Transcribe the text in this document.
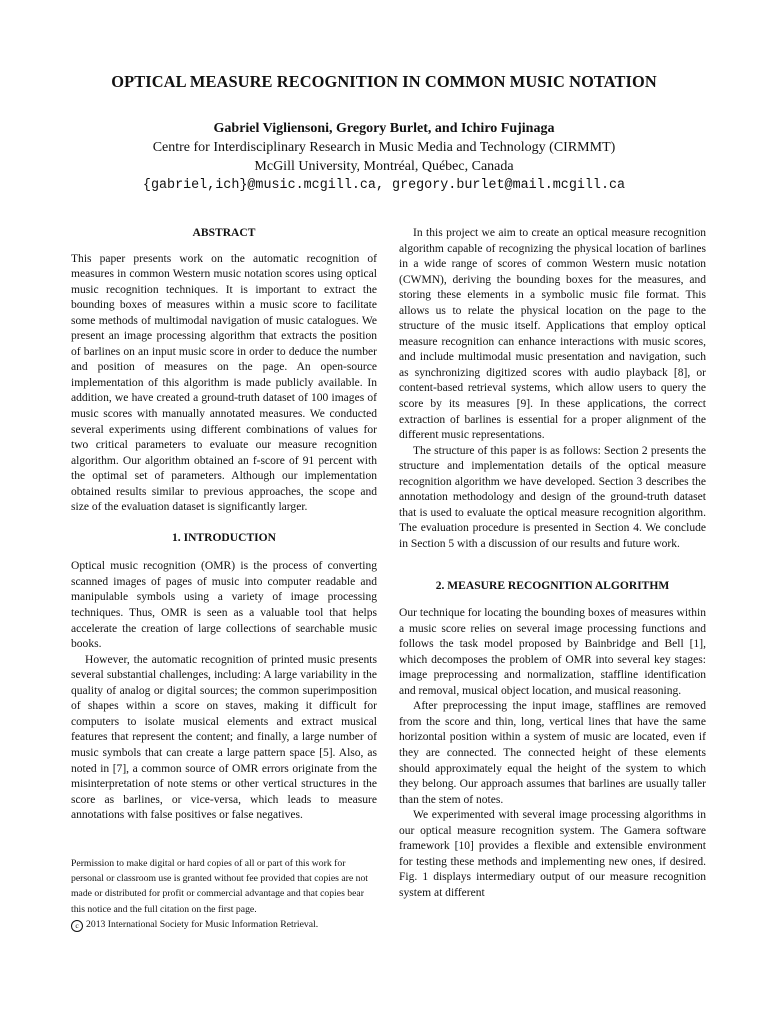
OPTICAL MEASURE RECOGNITION IN COMMON MUSIC NOTATION
Gabriel Vigliensoni, Gregory Burlet, and Ichiro Fujinaga
Centre for Interdisciplinary Research in Music Media and Technology (CIRMMT)
McGill University, Montréal, Québec, Canada
{gabriel,ich}@music.mcgill.ca, gregory.burlet@mail.mcgill.ca
ABSTRACT

This paper presents work on the automatic recognition of measures in common Western music notation scores using optical music recognition techniques. It is important to extract the bounding boxes of measures within a music score to facilitate some methods of multimodal navigation of music catalogues. We present an image processing algorithm that extracts the position of barlines on an input music score in order to deduce the number and position of measures on the page. An open-source implementation of this algorithm is made publicly available. In addition, we have created a ground-truth dataset of 100 images of music scores with manually annotated measures. We conducted several experiments using different combinations of values for two critical parameters to evaluate our measure recognition algorithm. Our algorithm obtained an f-score of 91 percent with the optimal set of parameters. Although our implementation obtained results similar to previous approaches, the scope and size of the evaluation dataset is significantly larger.

1. INTRODUCTION

Optical music recognition (OMR) is the process of converting scanned images of pages of music into computer readable and manipulable symbols using a variety of image processing techniques. Thus, OMR is seen as a valuable tool that helps accelerate the creation of large collections of searchable music books.

However, the automatic recognition of printed music presents several substantial challenges, including: A large variability in the quality of analog or digital sources; the common superimposition of shapes within a score on staves, making it difficult for computers to isolate musical elements and extract musical features that represent the content; and finally, a large number of music symbols that can create a large pattern space [5]. Also, as noted in [7], a common source of OMR errors originate from the misinterpretation of note stems or other vertical structures in the score as barlines, or vice-versa, which leads to measure annotations with false positives or false negatives.

Permission to make digital or hard copies of all or part of this work for personal or classroom use is granted without fee provided that copies are not made or distributed for profit or commercial advantage and that copies bear this notice and the full citation on the first page.

c 2013 International Society for Music Information Retrieval.

In this project we aim to create an optical measure recognition algorithm capable of recognizing the physical location of barlines in a wide range of scores of common Western music notation (CWMN), deriving the bounding boxes for the measures, and storing these elements in a symbolic music file format. This allows us to relate the physical location on the page to the structure of the music itself. Applications that employ optical measure recognition can enhance interactions with music scores, and include multimodal music presentation and navigation, such as synchronizing digitized scores with audio playback [8], or content-based retrieval systems, which allow users to query the score by its measures [9]. In these applications, the correct extraction of barlines is essential for a proper alignment of the different music representations.

The structure of this paper is as follows: Section 2 presents the structure and implementation details of the optical measure recognition algorithm we have developed. Section 3 describes the annotation methodology and design of the ground-truth dataset that is used to evaluate the optical measure recognition algorithm. The evaluation procedure is presented in Section 4. We conclude in Section 5 with a discussion of our results and future work.

2. MEASURE RECOGNITION ALGORITHM

Our technique for locating the bounding boxes of measures within a music score relies on several image processing functions and follows the task model proposed by Bainbridge and Bell [1], which decomposes the problem of OMR into several key stages: image preprocessing and normalization, staffline identification and removal, musical object location, and musical reasoning.

After preprocessing the input image, stafflines are removed from the score and thin, long, vertical lines that have the same horizontal position within a system of music are located, even if they are connected. The connected height of these elements should approximately equal the height of the system to which they belong. Our approach assumes that barlines are usually taller than the stem of notes.

We experimented with several image processing algorithms in our optical measure recognition system. The Gamera software framework [10] provides a flexible and extensible environment for testing these methods and implementing new ones, if desired. Fig. 1 displays intermediary output of our measure recognition system at different
